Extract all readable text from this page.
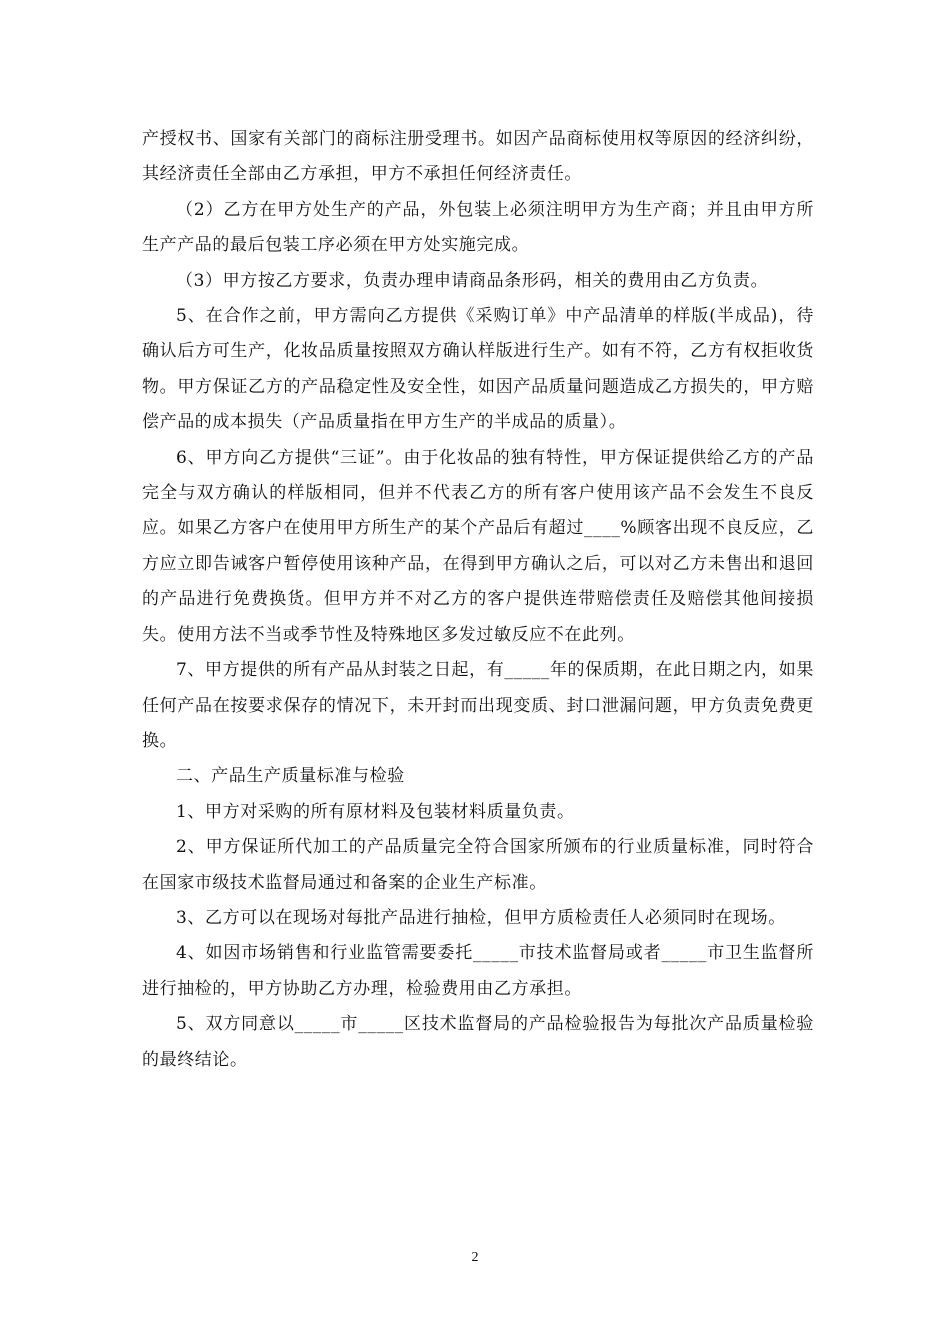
产授权书、国家有关部门的商标注册受理书。如因产品商标使用权等原因的经济纠纷，其经济责任全部由乙方承担，甲方不承担任何经济责任。

（2）乙方在甲方处生产的产品，外包装上必须注明甲方为生产商；并且由甲方所生产产品的最后包装工序必须在甲方处实施完成。

（3）甲方按乙方要求，负责办理申请商品条形码，相关的费用由乙方负责。

5、在合作之前，甲方需向乙方提供《采购订单》中产品清单的样版(半成品)，待确认后方可生产，化妆品质量按照双方确认样版进行生产。如有不符，乙方有权拒收货物。甲方保证乙方的产品稳定性及安全性，如因产品质量问题造成乙方损失的，甲方赔偿产品的成本损失（产品质量指在甲方生产的半成品的质量）。

6、甲方向乙方提供“三证”。由于化妆品的独有特性，甲方保证提供给乙方的产品完全与双方确认的样版相同，但并不代表乙方的所有客户使用该产品不会发生不良反应。如果乙方客户在使用甲方所生产的某个产品后有超过____%顾客出现不良反应，乙方应立即告诫客户暂停使用该种产品，在得到甲方确认之后，可以对乙方未售出和退回的产品进行免费换货。但甲方并不对乙方的客户提供连带赔偿责任及赔偿其他间接损失。使用方法不当或季节性及特殊地区多发过敏反应不在此列。

7、甲方提供的所有产品从封装之日起，有_____年的保质期，在此日期之内，如果任何产品在按要求保存的情况下，未开封而出现变质、封口泄漏问题，甲方负责免费更换。

二、产品生产质量标准与检验

1、甲方对采购的所有原材料及包装材料质量负责。

2、甲方保证所代加工的产品质量完全符合国家所颁布的行业质量标准，同时符合在国家市级技术监督局通过和备案的企业生产标准。

3、乙方可以在现场对每批产品进行抽检，但甲方质检责任人必须同时在现场。

4、如因市场销售和行业监管需要委托_____市技术监督局或者_____市卫生监督所进行抽检的，甲方协助乙方办理，检验费用由乙方承担。

5、双方同意以_____市_____区技术监督局的产品检验报告为每批次产品质量检验的最终结论。

2
